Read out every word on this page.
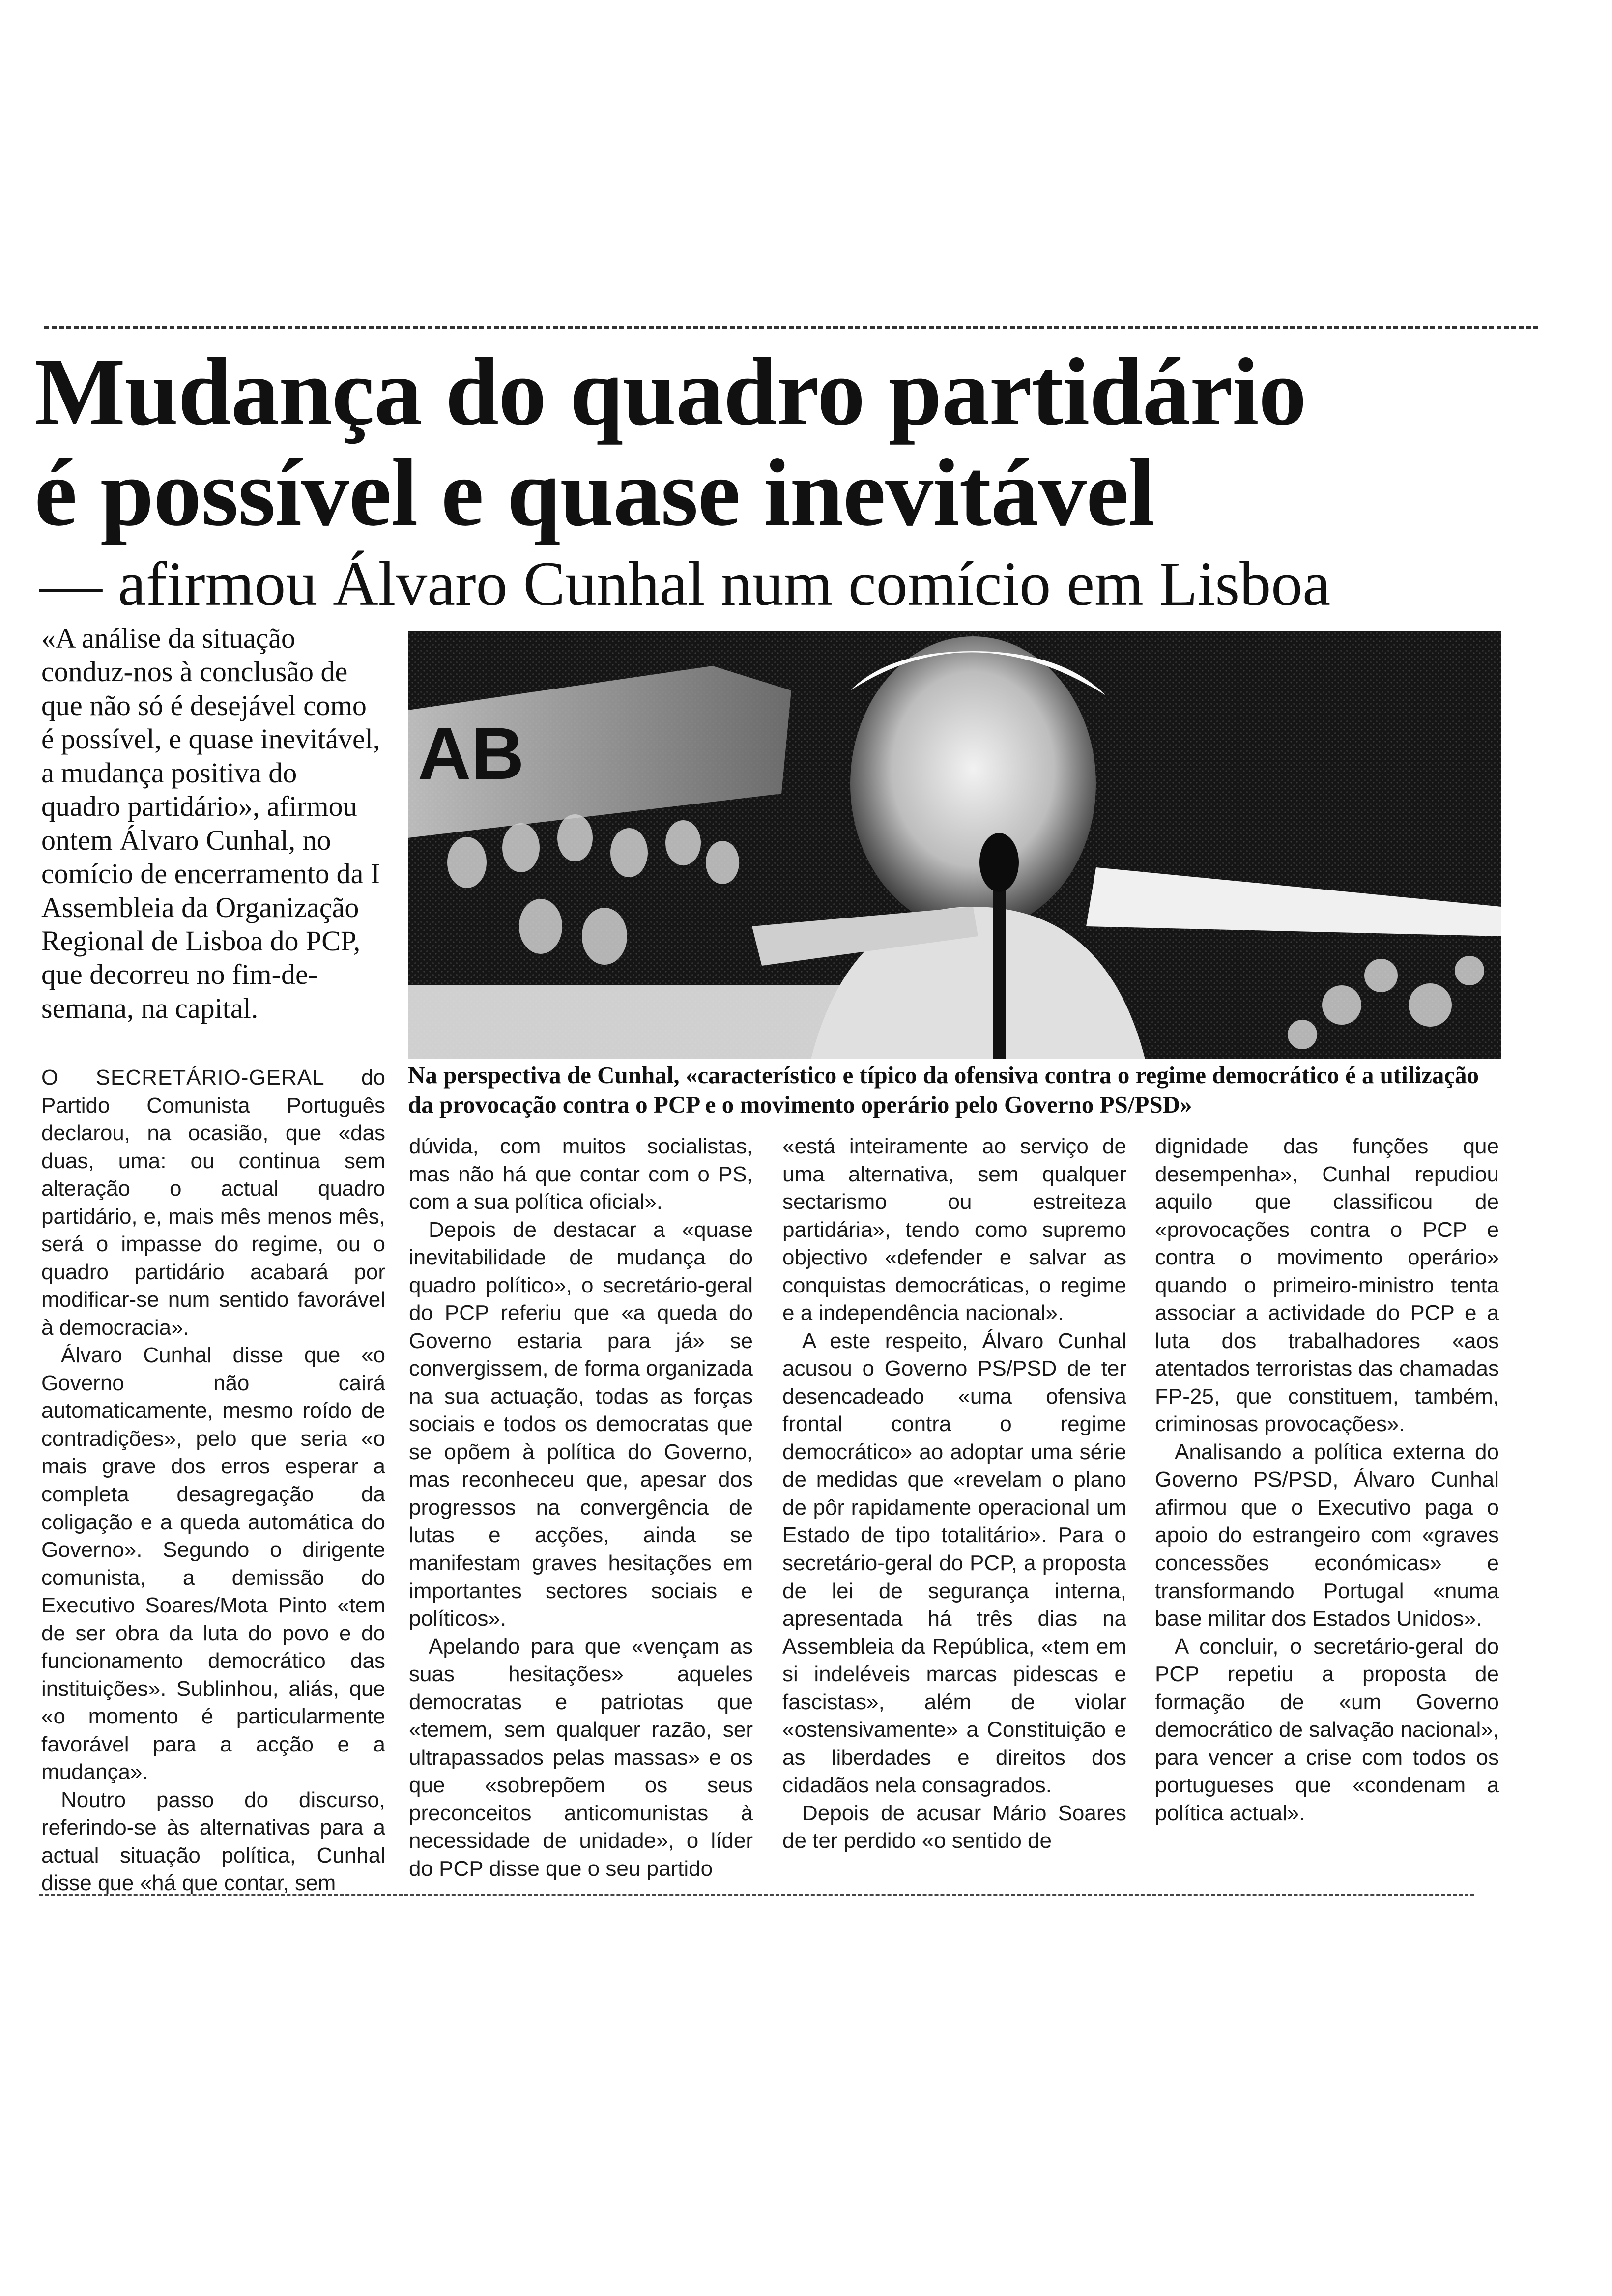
Mudança do quadro partidário
é possível e quase inevitável
— afirmou Álvaro Cunhal num comício em Lisboa
«A análise da situação conduz-nos à conclusão de que não só é desejável como é possível, e quase inevitável, a mudança positiva do quadro partidário», afirmou ontem Álvaro Cunhal, no comício de encerramento da I Assembleia da Organização Regional de Lisboa do PCP, que decorreu no fim-de-semana, na capital.
AB
Na perspectiva de Cunhal, «característico e típico da ofensiva contra o regime democrático é a utilização da provocação contra o PCP e o movimento operário pelo Governo PS/PSD»

O SECRETÁRIO-GERAL do Partido Comunista Português declarou, na ocasião, que «das duas, uma: ou continua sem alteração o actual quadro partidário, e, mais mês menos mês, será o impasse do regime, ou o quadro partidário acabará por modificar-se num sentido favorável à democracia».

Álvaro Cunhal disse que «o Governo não cairá automaticamente, mesmo roído de contradições», pelo que seria «o mais grave dos erros esperar a completa desagregação da coligação e a queda automática do Governo». Segundo o dirigente comunista, a demissão do Executivo Soares/Mota Pinto «tem de ser obra da luta do povo e do funcionamento democrático das instituições». Sublinhou, aliás, que «o momento é particularmente favorável para a acção e a mudança».

Noutro passo do discurso, referindo-se às alternativas para a actual situação política, Cunhal disse que «há que contar, sem

dúvida, com muitos socialistas, mas não há que contar com o PS, com a sua política oficial».

Depois de destacar a «quase inevitabilidade de mudança do quadro político», o secretário-geral do PCP referiu que «a queda do Governo estaria para já» se convergissem, de forma organizada na sua actuação, todas as forças sociais e todos os democratas que se opõem à política do Governo, mas reconheceu que, apesar dos progressos na convergência de lutas e acções, ainda se manifestam graves hesitações em importantes sectores sociais e políticos».

Apelando para que «vençam as suas hesitações» aqueles democratas e patriotas que «temem, sem qualquer razão, ser ultrapassados pelas massas» e os que «sobrepõem os seus preconceitos anticomunistas à necessidade de unidade», o líder do PCP disse que o seu partido

«está inteiramente ao serviço de uma alternativa, sem qualquer sectarismo ou estreiteza partidária», tendo como supremo objectivo «defender e salvar as conquistas democráticas, o regime e a independência nacional».

A este respeito, Álvaro Cunhal acusou o Governo PS/PSD de ter desencadeado «uma ofensiva frontal contra o regime democrático» ao adoptar uma série de medidas que «revelam o plano de pôr rapidamente operacional um Estado de tipo totalitário». Para o secretário-geral do PCP, a proposta de lei de segurança interna, apresentada há três dias na Assembleia da República, «tem em si indeléveis marcas pidescas e fascistas», além de violar «ostensivamente» a Constituição e as liberdades e direitos dos cidadãos nela consagrados.

Depois de acusar Mário Soares de ter perdido «o sentido de

dignidade das funções que desempenha», Cunhal repudiou aquilo que classificou de «provocações contra o PCP e contra o movimento operário» quando o primeiro-ministro tenta associar a actividade do PCP e a luta dos trabalhadores «aos atentados terroristas das chamadas FP-25, que constituem, também, criminosas provocações».

Analisando a política externa do Governo PS/PSD, Álvaro Cunhal afirmou que o Executivo paga o apoio do estrangeiro com «graves concessões económicas» e transformando Portugal «numa base militar dos Estados Unidos».

A concluir, o secretário-geral do PCP repetiu a proposta de formação de «um Governo democrático de salvação nacional», para vencer a crise com todos os portugueses que «condenam a política actual».
